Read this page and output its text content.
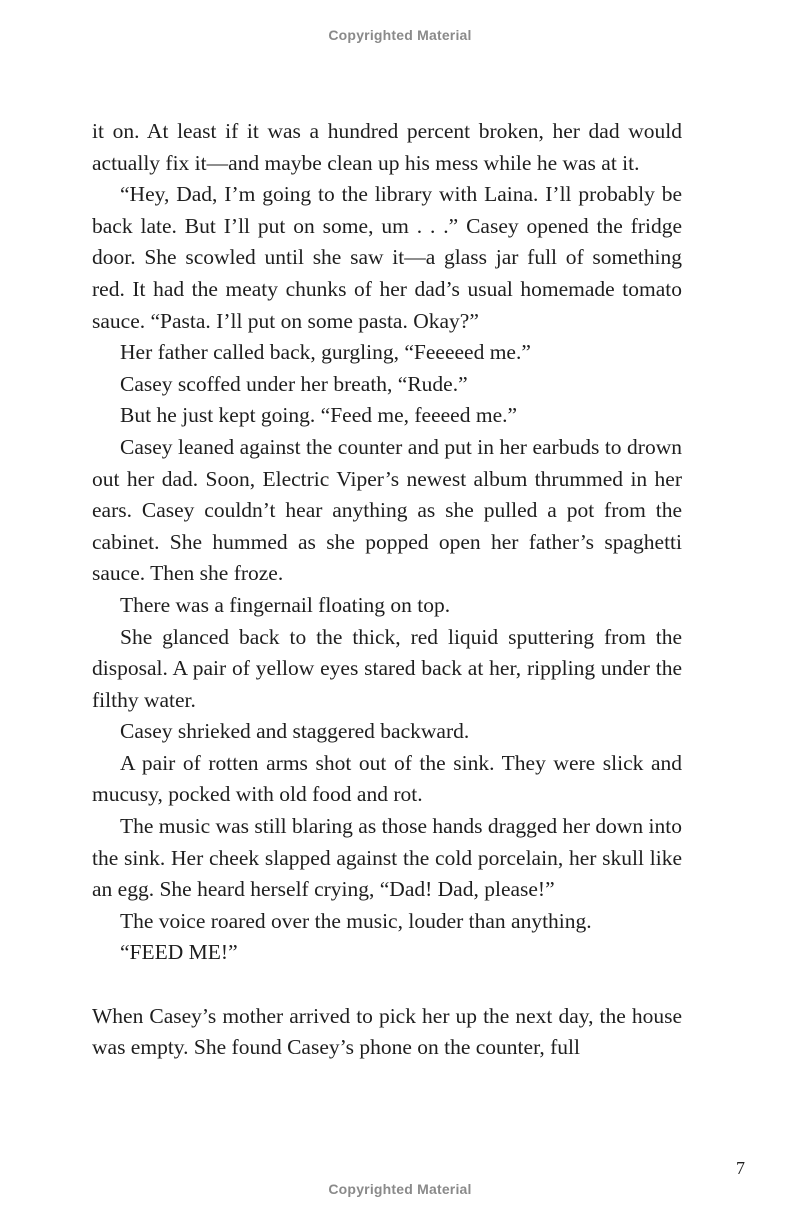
Copyrighted Material

it on. At least if it was a hundred percent broken, her dad would actually fix it—and maybe clean up his mess while he was at it.

“Hey, Dad, I’m going to the library with Laina. I’ll probably be back late. But I’ll put on some, um . . .” Casey opened the fridge door. She scowled until she saw it—a glass jar full of something red. It had the meaty chunks of her dad’s usual homemade tomato sauce. “Pasta. I’ll put on some pasta. Okay?”

Her father called back, gurgling, “Feeeeed me.”

Casey scoffed under her breath, “Rude.”

But he just kept going. “Feed me, feeeed me.”

Casey leaned against the counter and put in her earbuds to drown out her dad. Soon, Electric Viper’s newest album thrummed in her ears. Casey couldn’t hear anything as she pulled a pot from the cabinet. She hummed as she popped open her father’s spaghetti sauce. Then she froze.

There was a fingernail floating on top.

She glanced back to the thick, red liquid sputtering from the disposal. A pair of yellow eyes stared back at her, rippling under the filthy water.

Casey shrieked and staggered backward.

A pair of rotten arms shot out of the sink. They were slick and mucusy, pocked with old food and rot.

The music was still blaring as those hands dragged her down into the sink. Her cheek slapped against the cold porcelain, her skull like an egg. She heard herself crying, “Dad! Dad, please!”

The voice roared over the music, louder than anything.

“FEED ME!”

When Casey’s mother arrived to pick her up the next day, the house was empty. She found Casey’s phone on the counter, full

7
Copyrighted Material
